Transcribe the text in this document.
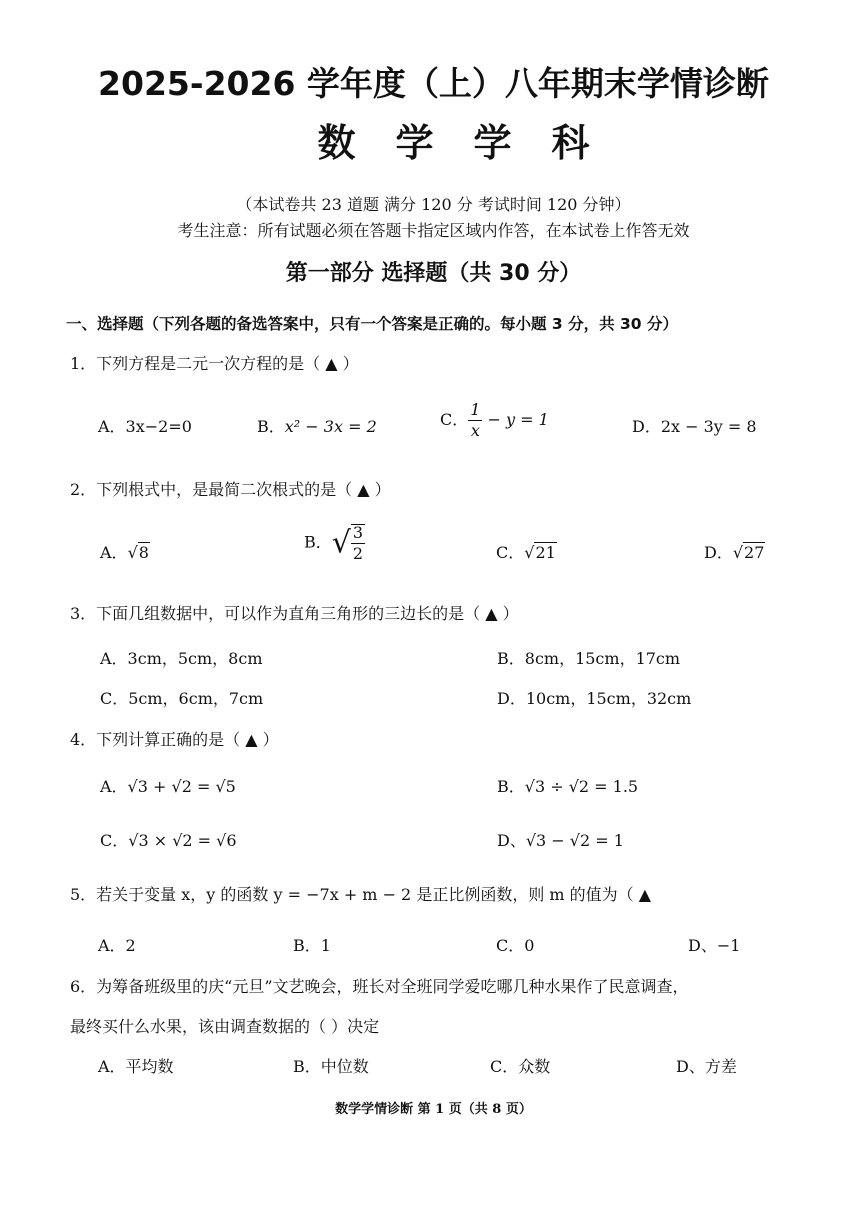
2025-2026 学年度（上）八年期末学情诊断
数学学科
（本试卷共 23 道题 满分 120 分 考试时间 120 分钟）
考生注意：所有试题必须在答题卡指定区域内作答，在本试卷上作答无效
第一部分 选择题（共 30 分）
一、选择题（下列各题的备选答案中，只有一个答案是正确的。每小题 3 分，共 30 分）
1．下列方程是二元一次方程的是（ ▲ ）
A．3x−2=0	B．x² − 3x = 2	C． $\frac{1}{x} - y = 1$	D．2x − 3y = 8
2．下列根式中，是最简二次根式的是（ ▲ ）
A．√8
B．√ $\frac{3}{2}$	C．√21	D．√27
3．下面几组数据中，可以作为直角三角形的三边长的是（ ▲ ）
A．3cm，5cm，8cm	B．8cm，15cm，17cm
C．5cm，6cm，7cm	D．10cm，15cm，32cm
4．下列计算正确的是（ ▲ ）
A．√3 + √2 = √5	B．√3 ÷ √2 = 1.5
C．√3 × √2 = √6	D、√3 − √2 = 1
5．若关于变量 x，y 的函数 y = −7x + m − 2 是正比例函数，则 m 的值为（ ▲
A．2	B．1	C．0	D、−1
6．为筹备班级里的庆“元旦”文艺晚会，班长对全班同学爱吃哪几种水果作了民意调查，
最终买什么水果，该由调查数据的（ ）决定
A．平均数	B．中位数	C．众数	D、方差
数学学情诊断 第 1 页（共 8 页）
